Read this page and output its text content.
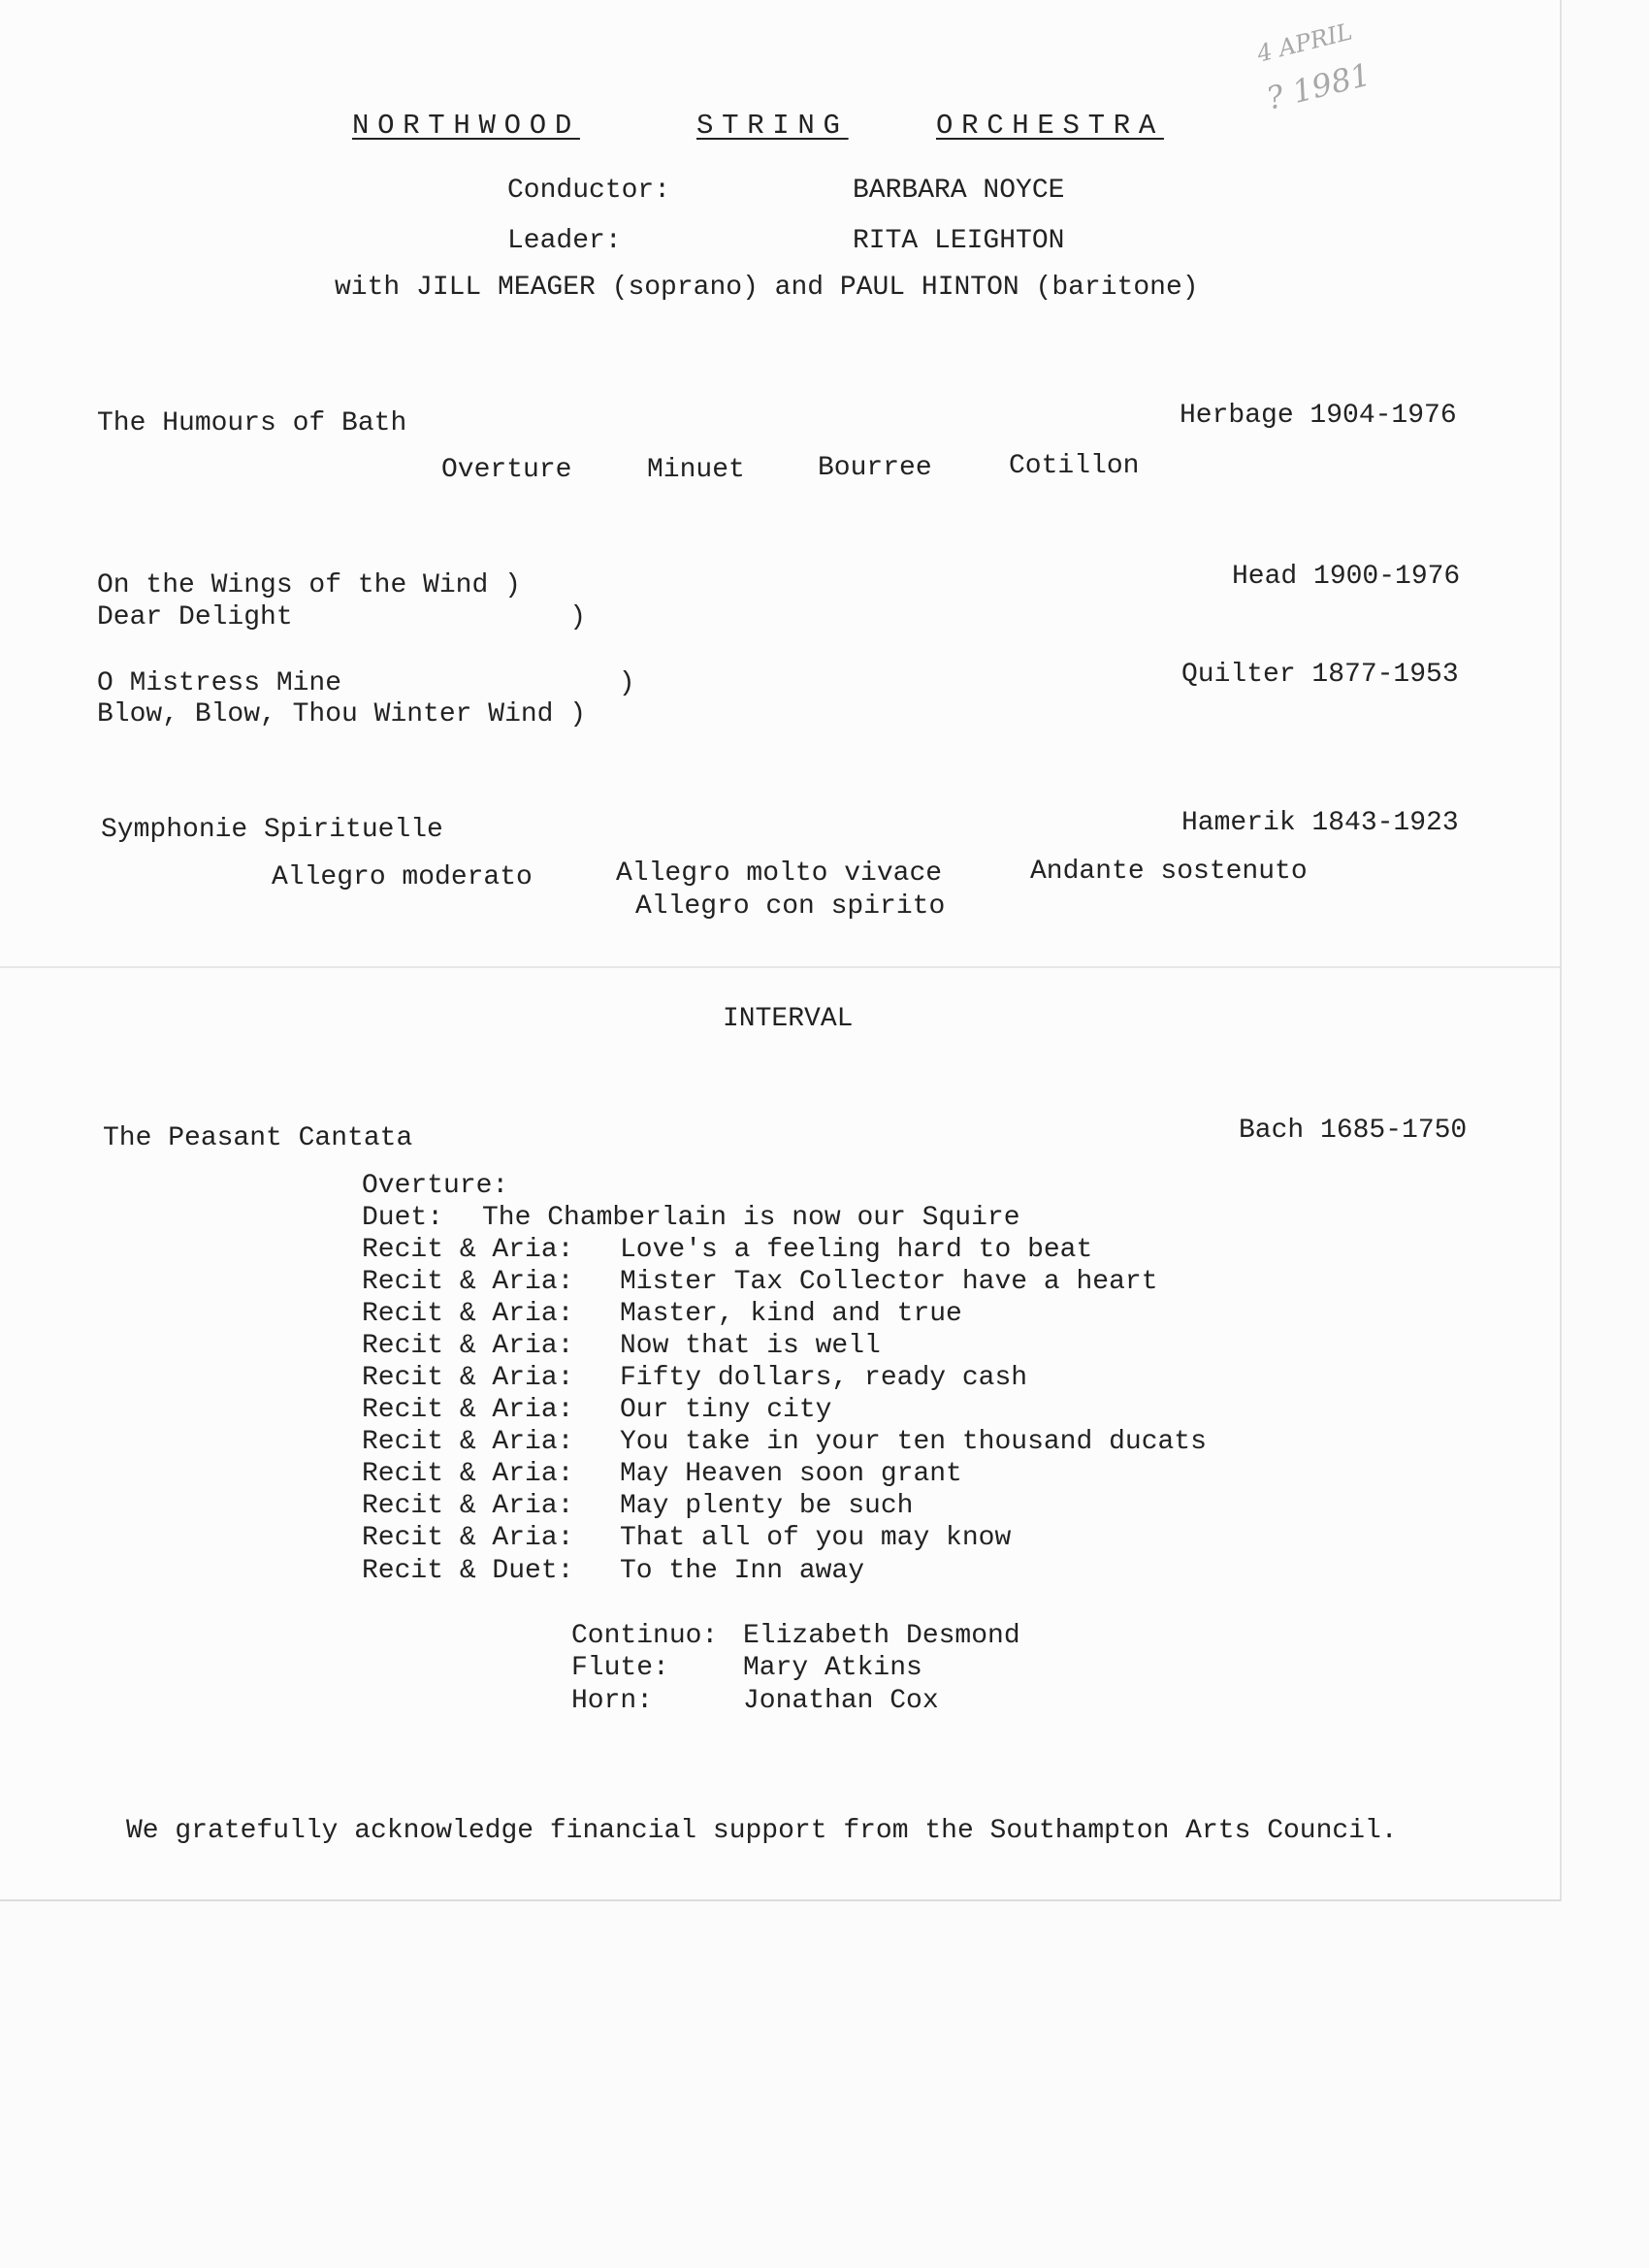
4 APRIL
? 1981
NORTHWOOD	STRING	ORCHESTRA
Conductor:	BARBARA NOYCE
Leader:	RITA LEIGHTON
with JILL MEAGER (soprano) and PAUL HINTON (baritone)
The Humours of Bath	Herbage 1904-1976
Overture	Minuet	Bourree	Cotillon
On the Wings of the Wind )
Dear Delight                 )
Head 1900-1976
O Mistress Mine                 )
Blow, Blow, Thou Winter Wind )
Quilter 1877-1953
Symphonie Spirituelle	Hamerik 1843-1923
Allegro moderato	Allegro molto vivace	Andante sostenuto
Allegro con spirito
INTERVAL
The Peasant Cantata	Bach 1685-1750
Overture:
Duet: The Chamberlain is now our Squire
Recit & Aria: Love's a feeling hard to beat
Recit & Aria: Mister Tax Collector have a heart
Recit & Aria: Master, kind and true
Recit & Aria: Now that is well
Recit & Aria: Fifty dollars, ready cash
Recit & Aria: Our tiny city
Recit & Aria: You take in your ten thousand ducats
Recit & Aria: May Heaven soon grant
Recit & Aria: May plenty be such
Recit & Aria: That all of you may know
Recit & Duet: To the Inn away
Continuo: Elizabeth Desmond
Flute:	Mary Atkins
Horn:	Jonathan Cox
We gratefully acknowledge financial support from the Southampton Arts Council.
